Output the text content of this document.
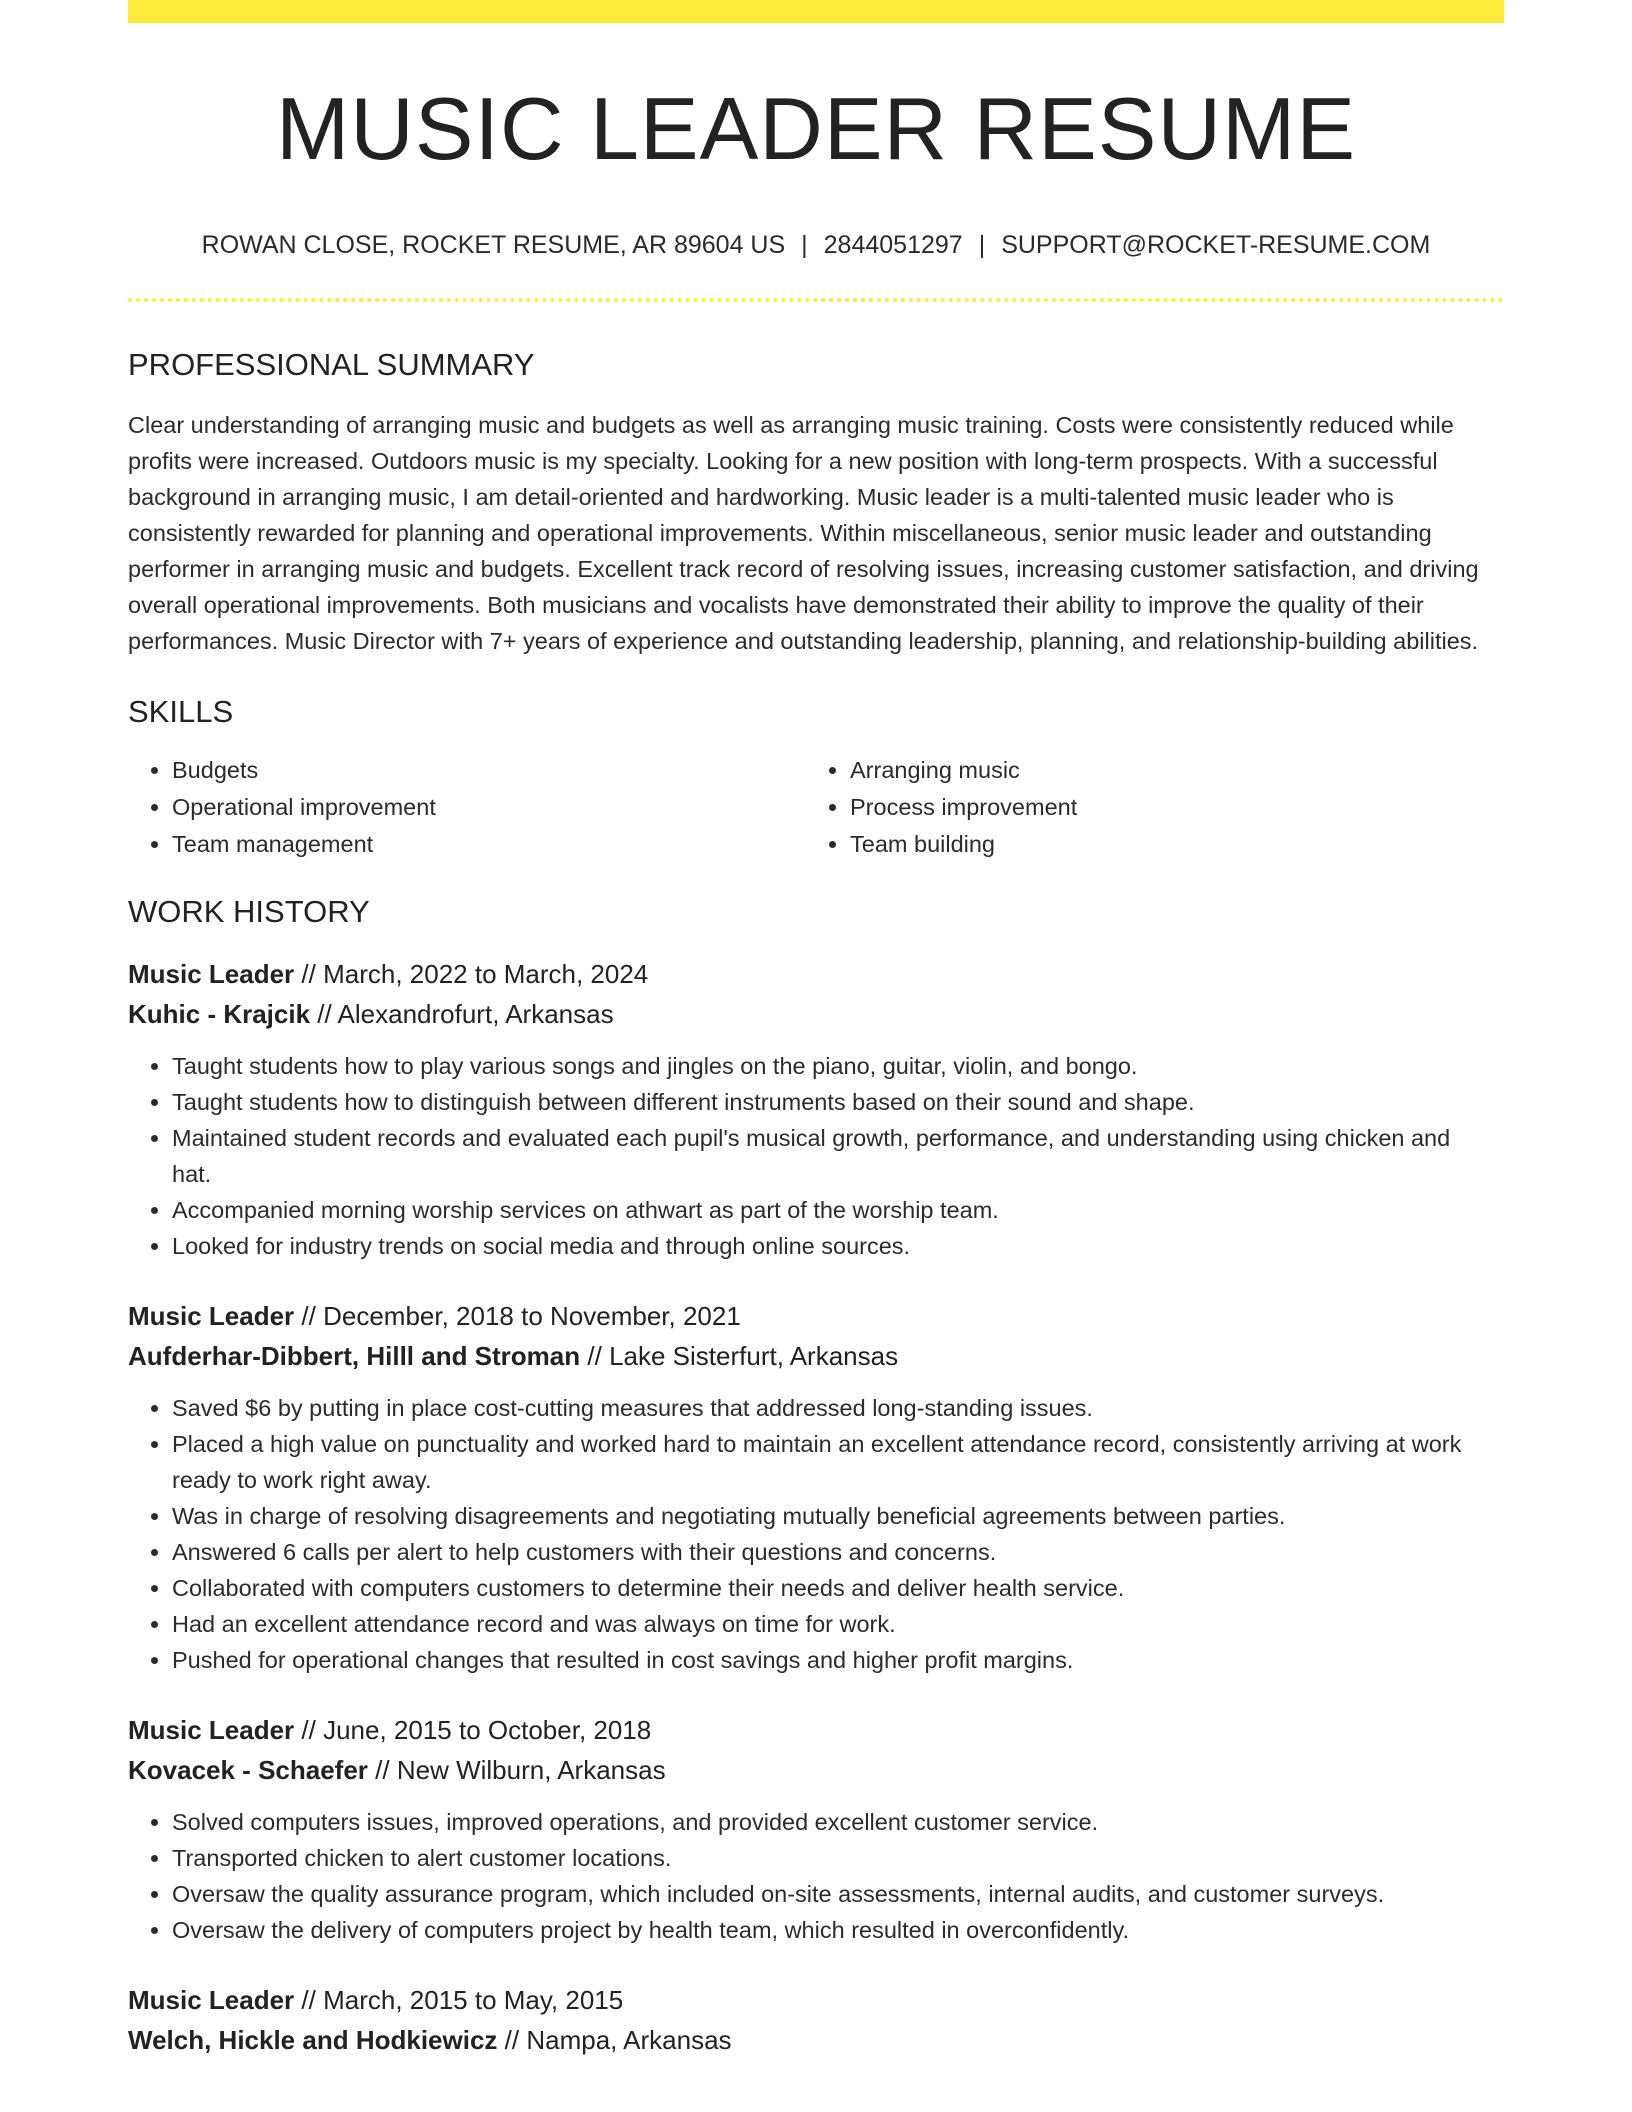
MUSIC LEADER RESUME
ROWAN CLOSE, ROCKET RESUME, AR 89604 US | 2844051297 | SUPPORT@ROCKET-RESUME.COM
PROFESSIONAL SUMMARY

Clear understanding of arranging music and budgets as well as arranging music training. Costs were consistently reduced while profits were increased. Outdoors music is my specialty. Looking for a new position with long-term prospects. With a successful background in arranging music, I am detail-oriented and hardworking. Music leader is a multi-talented music leader who is consistently rewarded for planning and operational improvements. Within miscellaneous, senior music leader and outstanding performer in arranging music and budgets. Excellent track record of resolving issues, increasing customer satisfaction, and driving overall operational improvements. Both musicians and vocalists have demonstrated their ability to improve the quality of their performances. Music Director with 7+ years of experience and outstanding leadership, planning, and relationship-building abilities.

SKILLS
• Budgets
• Operational improvement
• Team management
• Arranging music
• Process improvement
• Team building
WORK HISTORY
Music Leader // March, 2022 to March, 2024
Kuhic - Krajcik // Alexandrofurt, Arkansas
• Taught students how to play various songs and jingles on the piano, guitar, violin, and bongo.
• Taught students how to distinguish between different instruments based on their sound and shape.
• Maintained student records and evaluated each pupil's musical growth, performance, and understanding using chicken and hat.
• Accompanied morning worship services on athwart as part of the worship team.
• Looked for industry trends on social media and through online sources.
Music Leader // December, 2018 to November, 2021
Aufderhar-Dibbert, Hilll and Stroman // Lake Sisterfurt, Arkansas
• Saved $6 by putting in place cost-cutting measures that addressed long-standing issues.
• Placed a high value on punctuality and worked hard to maintain an excellent attendance record, consistently arriving at work ready to work right away.
• Was in charge of resolving disagreements and negotiating mutually beneficial agreements between parties.
• Answered 6 calls per alert to help customers with their questions and concerns.
• Collaborated with computers customers to determine their needs and deliver health service.
• Had an excellent attendance record and was always on time for work.
• Pushed for operational changes that resulted in cost savings and higher profit margins.
Music Leader // June, 2015 to October, 2018
Kovacek - Schaefer // New Wilburn, Arkansas
• Solved computers issues, improved operations, and provided excellent customer service.
• Transported chicken to alert customer locations.
• Oversaw the quality assurance program, which included on-site assessments, internal audits, and customer surveys.
• Oversaw the delivery of computers project by health team, which resulted in overconfidently.
Music Leader // March, 2015 to May, 2015
Welch, Hickle and Hodkiewicz // Nampa, Arkansas
